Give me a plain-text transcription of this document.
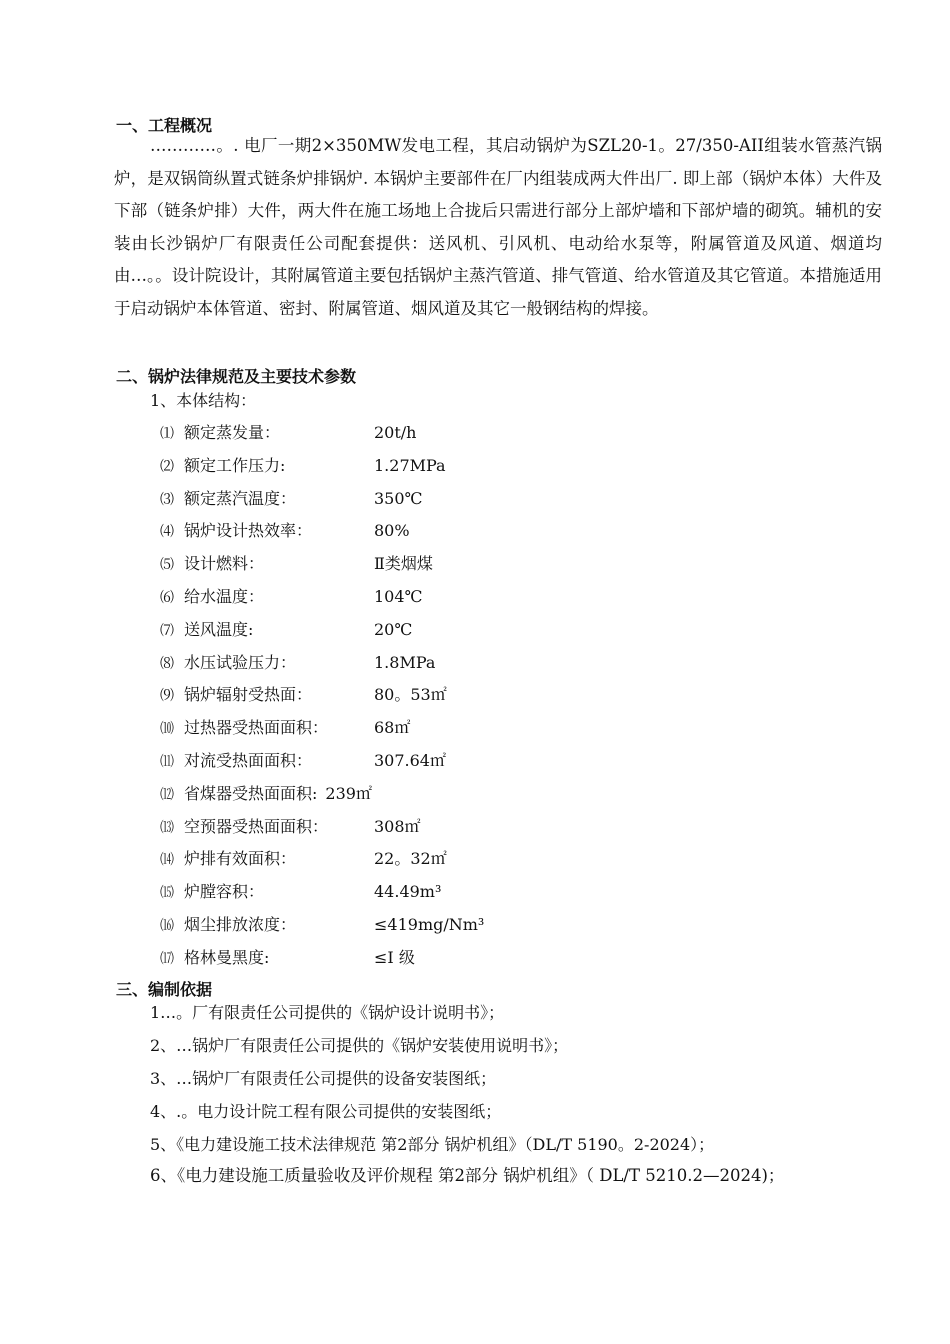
一、工程概况

…………。. 电厂一期2×350MW发电工程，其启动锅炉为SZL20-1。27/350-AII组装水管蒸汽锅炉，是双锅筒纵置式链条炉排锅炉. 本锅炉主要部件在厂内组装成两大件出厂. 即上部（锅炉本体）大件及下部（链条炉排）大件，两大件在施工场地上合拢后只需进行部分上部炉墙和下部炉墙的砌筑。辅机的安装由长沙锅炉厂有限责任公司配套提供：送风机、引风机、电动给水泵等，附属管道及风道、烟道均由…。。设计院设计，其附属管道主要包括锅炉主蒸汽管道、排气管道、给水管道及其它管道。本措施适用于启动锅炉本体管道、密封、附属管道、烟风道及其它一般钢结构的焊接。

二、锅炉法律规范及主要技术参数
1、本体结构：
⑴ 额定蒸发量：	20t/h
⑵ 额定工作压力:	1.27MPa
⑶ 额定蒸汽温度：	350℃
⑷ 锅炉设计热效率：	80%
⑸ 设计燃料：	Ⅱ类烟煤
⑹ 给水温度：	104℃
⑺ 送风温度:	20℃
⑻ 水压试验压力：	1.8MPa
⑼ 锅炉辐射受热面：	80。53㎡
⑽ 过热器受热面面积：	68㎡
⑾ 对流受热面面积：	307.64㎡
⑿ 省煤器受热面面积: 239㎡
⒀ 空预器受热面面积：	308㎡
⒁ 炉排有效面积：	22。32㎡
⒂ 炉膛容积：	44.49m³
⒃ 烟尘排放浓度：	≤419mg/Nm³
⒄ 格林曼黑度:	≤Ⅰ 级
三、编制依据
1…。厂有限责任公司提供的《锅炉设计说明书》；
2、…锅炉厂有限责任公司提供的《锅炉安装使用说明书》；
3、…锅炉厂有限责任公司提供的设备安装图纸；
4、.。电力设计院工程有限公司提供的安装图纸；
5、《电力建设施工技术法律规范 第2部分 锅炉机组》（DL/T 5190。2-2024）；

6、《电力建设施工质量验收及评价规程 第2部分 锅炉机组》（ DL/T 5210.2—2024)；
